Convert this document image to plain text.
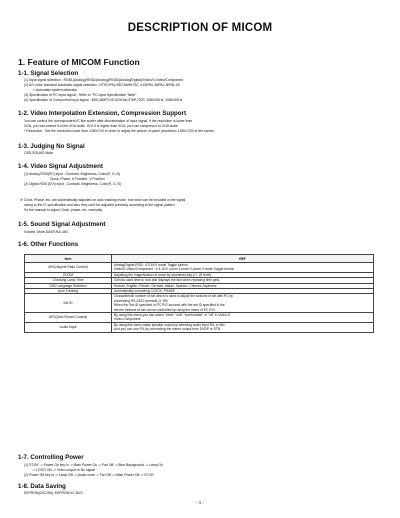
DESCRIPTION OF MICOM
1. Feature of MICOM Function
1-1. Signal Selection
(1) Input signal selection : RGB1(Analog)/RGB2(Analog)/RGB3(Analog/Digital)/Video/S-Video/Component
(2) A/V color standard automatic signal selection : NTSC/PAL/SECAM/NTSC 4.43/PAL-M/PAL-N/PAL 60
-> Automatic system detection
(3) Specification of PC input signal : Refer to "PC Input Specification Table"
(4) Specification of Component input signal : 480i,480P,DVD 625Line,576P,720P, 1080i 50Hz, 1080i 60Hz
1-2. Video Interpolation Extension, Compression Support
You can control the correspondent IC like scaler after discrimination of input signal. If the resolution is lower than
XGA, you can extend it to the XGA scale. Or if it is higher than XGA, you can compress it to XGA scale.
* Resolution : Set the resolution lower than 1280x720 in order to adjust the picture of panel (resolution 1280x720) to the screen.
1-3. Judging No Signal
OSD,SOUND Mute
1-4. Video Signal Adjustment
(1) Analog RGB(PC) input : Contrast, Brightness, Color(R, G, B)
Clock, Phase, H Position, V Position
(2) Digital RGB (DVI) input : Contrast, Brightness, Color(R, G, B)
※ Clock, Phase, etc. are automatically adjusted on auto tracking mode, but noise can be included in the signal
owing to the IC specification and also they can't be adjusted precisely according to the signal pattern.
So the manual to adjust Clock, phase, etc. manually.
1-5. Sound Signal Adjustment
Volume, Mute,DASP,AVL,MIC
1-6. Other Functions
Item	REF
ARC(Aspect Ratio Control)	Analog/Digital RGB : 4:3,16:9 mode Toggle funtion
Video/S-Video/Component : 4:3,16:9 ,zoom 1,zoom 2,zoom 3 mode Toggle funtion

ZOOM	Adjusting the magnification of zoom by shortened key.(+/- 25 level)

Checking Lamp Time	Checks used time to now and displays the fact when replacing time gets.

OSD Language Selection	Korean, English, French, German, Italian, Spanish, Chinese,Japanese

Auto Tracking	Automatically controlling CLOCK, PHASE

Set ID	Characteristic number of set which is used to adjust the funtions of set with PC by
connecting RS-232C terminal.(1~99)
When the Set ID specified in PC P/G accords with the set ID specified in the
set,the funtions of set can be controlled by using the menu of PC P/G.

APC(Auto Picture Control)	By using this menu,you can select "clear","soft","comfortable" or "off" in Video,S-
Video,Component.

Audio Input	By using this menu,make speaker output by selecting audio input R/L or Mic.
And you can use R/L by connecting the stereo output from DVDP or STB.
1-7. Controlling Power
(1) ST-BY -> Power On key in -> Main Power On -> Fan Off -> Blue Background -> Lamp On
-> LOGO ON -> Video output or No signal
(2) Power Off key in -> Lamp Off -> Audio mute -> Fan Off -> Main Power Off -> ST-BY
1-8. Data Saving
EEPROM(24C256), EEPROM IIC BUS
- 1 -
